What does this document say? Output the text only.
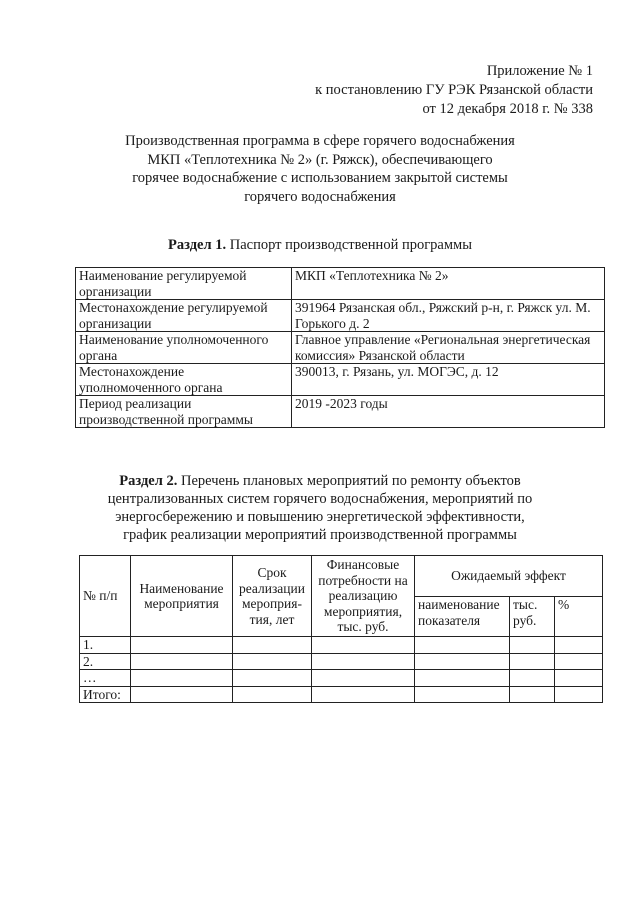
Приложение № 1
к постановлению ГУ РЭК Рязанской области
от 12 декабря 2018 г. № 338
Производственная программа в сфере горячего водоснабжения
МКП «Теплотехника № 2» (г. Ряжск), обеспечивающего
горячее водоснабжение с использованием закрытой системы
горячего водоснабжения
Раздел 1. Паспорт производственной программы
Наименование регулируемой организации	МКП «Теплотехника № 2»
Местонахождение регулируемой организации	391964 Рязанская обл., Ряжский р-н, г. Ряжск ул. М. Горького д. 2
Наименование уполномоченного органа	Главное управление «Региональная энергетическая комиссия» Рязанской области
Местонахождение уполномоченного органа	390013, г. Рязань, ул. МОГЭС, д. 12
Период реализации производственной программы	2019 -2023 годы
Раздел 2. Перечень плановых мероприятий по ремонту объектов
централизованных систем горячего водоснабжения, мероприятий по
энергосбережению и повышению энергетической эффективности,
график реализации мероприятий производственной программы
№ п/п	Наименование мероприятия	Срок реализации мероприя-тия, лет	Финансовые потребности на реализацию мероприятия, тыс. руб.	Ожидаемый эффект		
				наименование показателя	тыс. руб.	%
1.						
2.						
…						
Итого:						
